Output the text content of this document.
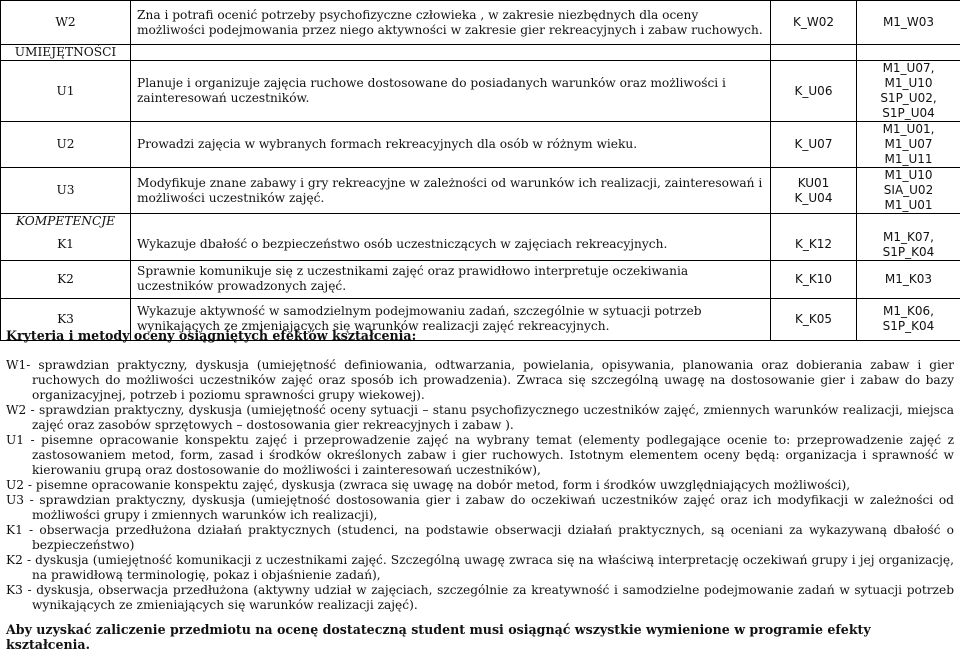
W2	Zna i potrafi ocenić potrzeby psychofizyczne człowieka , w zakresie niezbędnych dla oceny możliwości podejmowania przez niego aktywności w zakresie gier rekreacyjnych i zabaw ruchowych.	K_W02	M1_W03
UMIEJĘTNOŚCI			
U1	Planuje i organizuje zajęcia ruchowe dostosowane do posiadanych warunków oraz możliwości i zainteresowań uczestników.	K_U06	M1_U07, M1_U10 S1P_U02, S1P_U04
U2	Prowadzi zajęcia w wybranych formach rekreacyjnych dla osób w różnym wieku.	K_U07	M1_U01, M1_U07 M1_U11
U3	Modyfikuje znane zabawy i gry rekreacyjne w zależności od warunków ich realizacji, zainteresowań i możliwości uczestników zajęć.	KU01 K_U04	M1_U10 SIA_U02 M1_U01
KOMPETENCJE			
K1	Wykazuje dbałość o bezpieczeństwo osób uczestniczących w zajęciach rekreacyjnych.	K_K12	M1_K07, S1P_K04
K2	Sprawnie komunikuje się z uczestnikami zajęć oraz prawidłowo interpretuje oczekiwania uczestników prowadzonych zajęć.	K_K10	M1_K03
K3	Wykazuje aktywność w samodzielnym podejmowaniu zadań, szczególnie w sytuacji potrzeb wynikających ze zmieniających się warunków realizacji zajęć rekreacyjnych.	K_K05	M1_K06, S1P_K04
Kryteria i metody oceny osiągniętych efektów kształcenia:

W1- sprawdzian praktyczny, dyskusja (umiejętność definiowania, odtwarzania, powielania, opisywania, planowania oraz dobierania zabaw i gier ruchowych do możliwości uczestników zajęć oraz sposób ich prowadzenia). Zwraca się szczególną uwagę na dostosowanie gier i zabaw do bazy organizacyjnej, potrzeb i poziomu sprawności grupy wiekowej).

W2 - sprawdzian praktyczny, dyskusja (umiejętność oceny sytuacji – stanu psychofizycznego uczestników zajęć, zmiennych warunków realizacji, miejsca zajęć oraz zasobów sprzętowych – dostosowania gier rekreacyjnych i zabaw ).

U1 - pisemne opracowanie konspektu zajęć i przeprowadzenie zajęć na wybrany temat (elementy podlegające ocenie to: przeprowadzenie zajęć z zastosowaniem metod, form, zasad i środków określonych zabaw i gier ruchowych. Istotnym elementem oceny będą: organizacja i sprawność w kierowaniu grupą oraz dostosowanie do możliwości i zainteresowań uczestników),

U2 - pisemne opracowanie konspektu zajęć, dyskusja (zwraca się uwagę na dobór metod, form i środków uwzględniających możliwości),

U3 - sprawdzian praktyczny, dyskusja (umiejętność dostosowania gier i zabaw do oczekiwań uczestników zajęć oraz ich modyfikacji w zależności od możliwości grupy i zmiennych warunków ich realizacji),

K1 - obserwacja przedłużona działań praktycznych (studenci, na podstawie obserwacji działań praktycznych, są oceniani za wykazywaną dbałość o bezpieczeństwo)

K2 - dyskusja (umiejętność komunikacji z uczestnikami zajęć. Szczególną uwagę zwraca się na właściwą interpretację oczekiwań grupy i jej organizację, na prawidłową terminologię, pokaz i objaśnienie zadań),

K3 - dyskusja, obserwacja przedłużona (aktywny udział w zajęciach, szczególnie za kreatywność i samodzielne podejmowanie zadań w sytuacji potrzeb wynikających ze zmieniających się warunków realizacji zajęć).

Aby uzyskać zaliczenie przedmiotu na ocenę dostateczną student musi osiągnąć wszystkie wymienione w programie efekty kształcenia.
